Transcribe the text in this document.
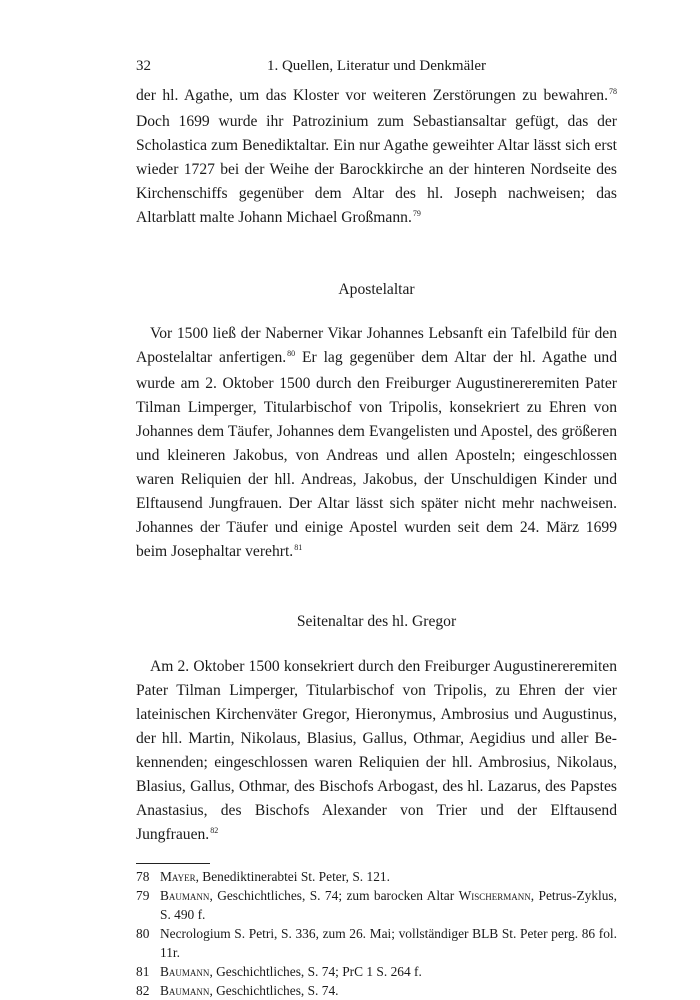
32	1. Quellen, Literatur und Denkmäler

der hl. Agathe, um das Kloster vor weiteren Zerstörungen zu bewahren.$^{78}$ Doch 1699 wurde ihr Patrozinium zum Sebastiansaltar gefügt, das der Scholastica zum Benediktaltar. Ein nur Agathe geweihter Altar lässt sich erst wieder 1727 bei der Weihe der Barockkirche an der hinteren Nordseite des Kirchenschiffs gegenüber dem Altar des hl. Joseph nachweisen; das Altarblatt malte Johann Michael Großmann.$^{79}$

Apostelaltar

Vor 1500 ließ der Naberner Vikar Johannes Lebsanft ein Tafelbild für den Apostelaltar anfertigen.$^{80}$ Er lag gegenüber dem Altar der hl. Agathe und wurde am 2. Oktober 1500 durch den Freiburger Augustinereremiten Pater Tilman Limperger, Titularbischof von Tripolis, konsekriert zu Ehren von Johannes dem Täufer, Johannes dem Evangelisten und Apostel, des größeren und kleineren Jakobus, von Andreas und allen Aposteln; eingeschlossen waren Reliquien der hll. Andreas, Jakobus, der Unschuldigen Kinder und Elftausend Jungfrauen. Der Altar lässt sich später nicht mehr nachweisen. Johannes der Täufer und einige Apostel wurden seit dem 24. März 1699 beim Josephaltar verehrt.$^{81}$

Seitenaltar des hl. Gregor

Am 2. Oktober 1500 konsekriert durch den Freiburger Augustinereremiten Pater Tilman Limperger, Titularbischof von Tripolis, zu Ehren der vier lateinischen Kirchenväter Gregor, Hieronymus, Ambrosius und Augustinus, der hll. Martin, Nikolaus, Blasius, Gallus, Othmar, Aegidius und aller Bekennenden; eingeschlossen waren Reliquien der hll. Ambrosius, Nikolaus, Blasius, Gallus, Othmar, des Bischofs Arbogast, des hl. Lazarus, des Papstes Anastasius, des Bischofs Alexander von Trier und der Elftausend Jungfrauen.$^{82}$

78 Mayer, Benediktinerabtei St. Peter, S. 121.
79 Baumann, Geschichtliches, S. 74; zum barocken Altar Wischermann, Petrus-Zyklus, S. 490 f.
80 Necrologium S. Petri, S. 336, zum 26. Mai; vollständiger BLB St. Peter perg. 86 fol. 11r.
81 Baumann, Geschichtliches, S. 74; PrC 1 S. 264 f.
82 Baumann, Geschichtliches, S. 74.
